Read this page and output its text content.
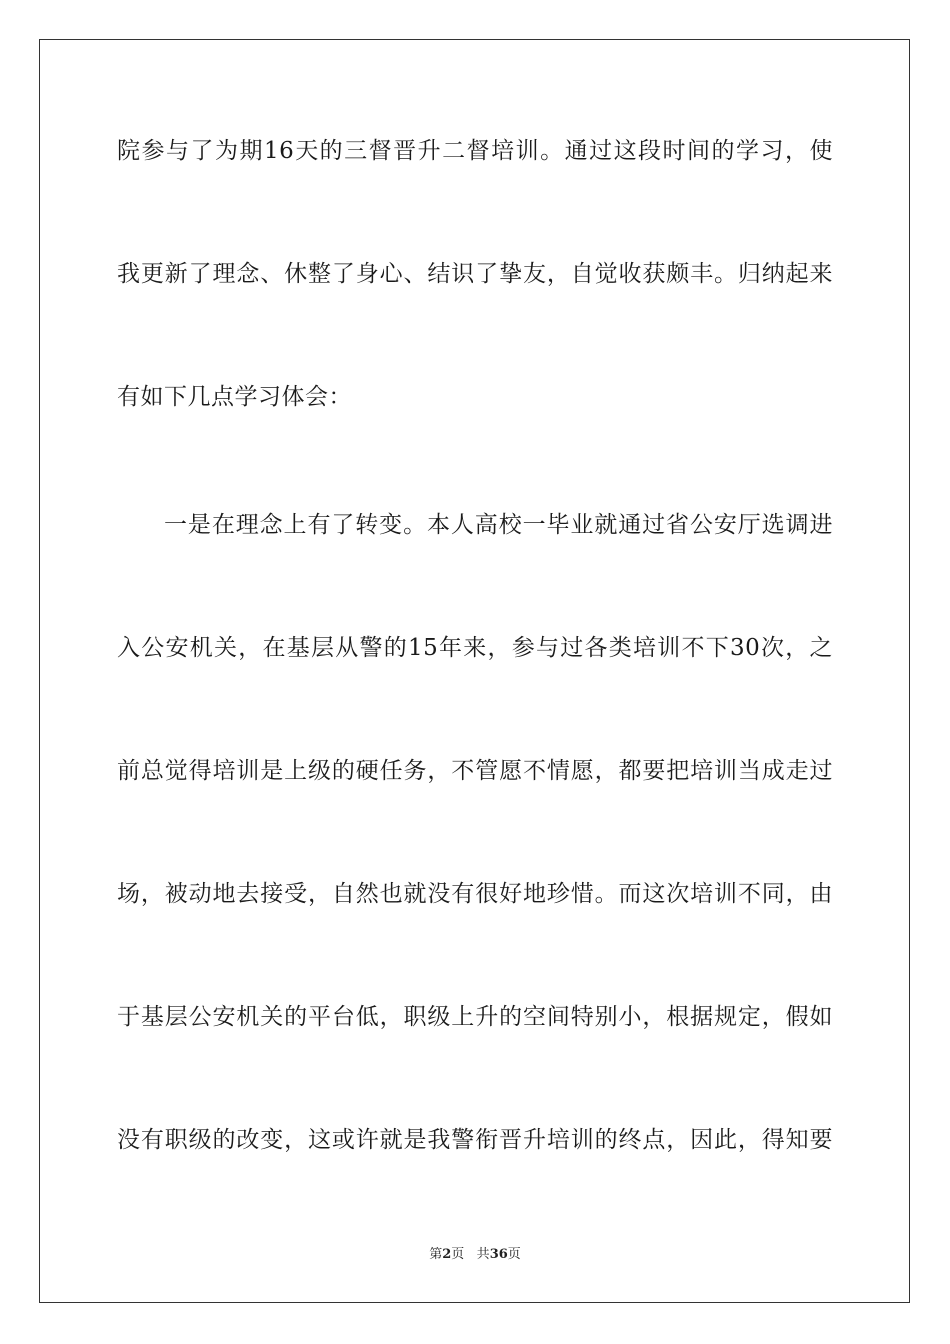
院参与了为期16天的三督晋升二督培训。通过这段时间的学习，使
我更新了理念、休整了身心、结识了挚友，自觉收获颇丰。归纳起来
有如下几点学习体会：
一是在理念上有了转变。本人高校一毕业就通过省公安厅选调进
入公安机关，在基层从警的15年来，参与过各类培训不下30次，之
前总觉得培训是上级的硬任务，不管愿不情愿，都要把培训当成走过
场，被动地去接受，自然也就没有很好地珍惜。而这次培训不同，由
于基层公安机关的平台低，职级上升的空间特别小，根据规定，假如
没有职级的改变，这或许就是我警衔晋升培训的终点，因此，得知要
第2页 共36页
